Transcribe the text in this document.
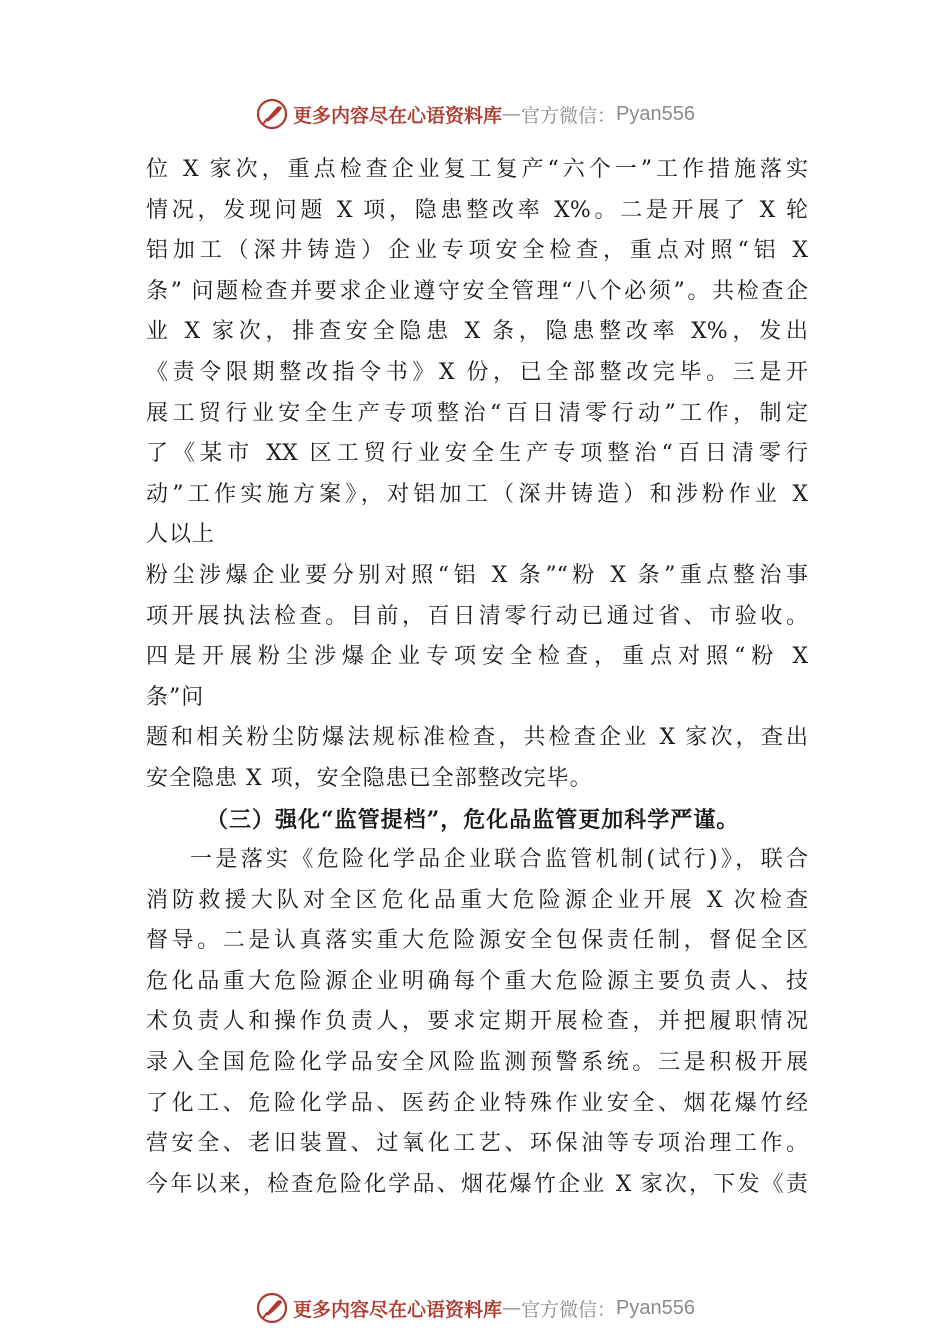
更多内容尽在心语资料库 — 官方微信： Pyan556
位 X 家次，重点检查企业复工复产“六个一”工作措施落实
情况，发现问题 X 项，隐患整改率 X%。二是开展了 X 轮
铝加工（深井铸造）企业专项安全检查，重点对照“铝 X
条” 问题检查并要求企业遵守安全管理“八个必须”。共检查企
业 X 家次，排查安全隐患 X 条，隐患整改率 X%，发出
《责令限期整改指令书》X 份，已全部整改完毕。三是开
展工贸行业安全生产专项整治“百日清零行动”工作，制定
了《某市 XX 区工贸行业安全生产专项整治“百日清零行
动”工作实施方案》，对铝加工（深井铸造）和涉粉作业 X
人以上
粉尘涉爆企业要分别对照“铝 X 条”“粉 X 条”重点整治事
项开展执法检查。目前，百日清零行动已通过省、市验收。
四是开展粉尘涉爆企业专项安全检查，重点对照“粉 X
条”问
题和相关粉尘防爆法规标准检查，共检查企业 X 家次，查出
安全隐患 X 项，安全隐患已全部整改完毕。
（三）强化“监管提档”，危化品监管更加科学严谨。
一是落实《危险化学品企业联合监管机制(试行)》，联合
消防救援大队对全区危化品重大危险源企业开展 X 次检查
督导。二是认真落实重大危险源安全包保责任制，督促全区
危化品重大危险源企业明确每个重大危险源主要负责人、技
术负责人和操作负责人，要求定期开展检查，并把履职情况
录入全国危险化学品安全风险监测预警系统。三是积极开展
了化工、危险化学品、医药企业特殊作业安全、烟花爆竹经
营安全、老旧装置、过氧化工艺、环保油等专项治理工作。
今年以来，检查危险化学品、烟花爆竹企业 X 家次，下发《责
更多内容尽在心语资料库 — 官方微信： Pyan556
